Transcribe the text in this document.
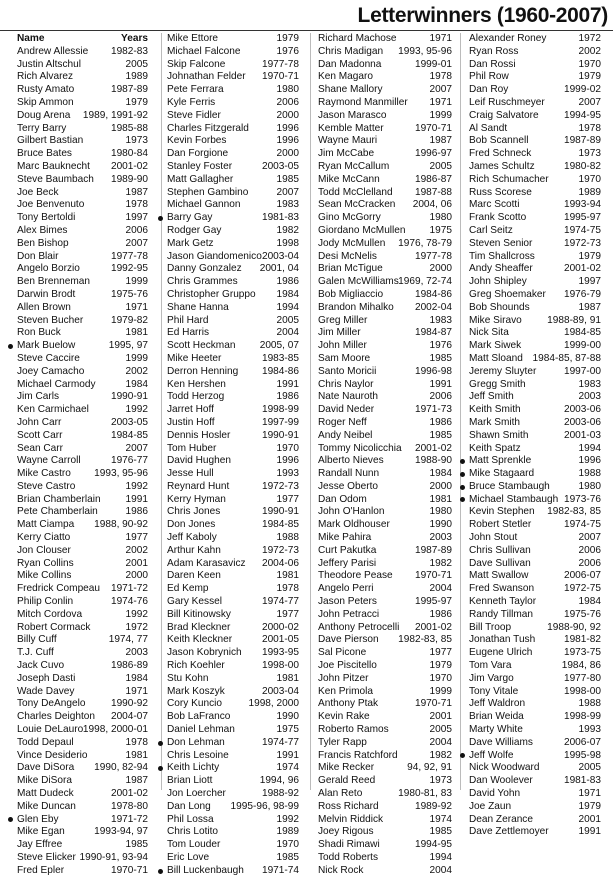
Letterwinners (1960-2007)
Name	Years
Andrew Allessie 1982-83
Justin Altschul	2005
Rich Alvarez	1989
Rusty Amato	1987-89
Skip Ammon	1979
Doug Arena 1989, 1991-92
Terry Barry	1985-88
Gilbert Bastian	1973
Bruce Bates	1980-84
Marc Bauknecht 2001-02
Steve Baumbach 1989-90
Joe Beck	1987
Joe Benvenuto	1978
Tony Bertoldi	1997
Alex Bimes	2006
Ben Bishop	2007
Don Blair	1977-78
Angelo Borzio	1992-95
Ben Brenneman	1999
Darwin Brodt	1975-76
Allen Brown	1971
Steven Bucher	1979-82
Ron Buck	1981
Mark Buelow	1995, 97
Steve Caccire	1999
Joey Camacho	2002
Michael Carmody	1984
Jim Carls	1990-91
Ken Carmichael	1992
John Carr	2003-05
Scott Carr	1984-85
Sean Carr	2007
Wayne Carroll	1976-77
Mike Castro 1993, 95-96
Steve Castro	1992
Brian Chamberlain 1991
Pete Chamberlain	1986
Matt Ciampa 1988, 90-92
Kerry Ciatto	1977
Jon Clouser	2002
Ryan Collins	2001
Mike Collins	2000
Fredrick Compeau 1971-72
Philip Conlin	1974-76
Mitch Cordova	1992
Robert Cormack	1972
Billy Cuff	1974, 77
T.J. Cuff	2003
Jack Cuvo	1986-89
Joseph Dasti	1984
Wade Davey	1971
Tony DeAngelo	1990-92
Charles Deighton 2004-07
Louie DeLauro 1998, 2000-01
Todd Depaul	1978
Vince Desiderio	1981
Dave DiSora 1990, 82-94
Mike DiSora	1987
Matt Dudeck	2001-02
Mike Duncan	1978-80
Glen Eby	1971-72
Mike Egan	1993-94, 97
Jay Effree	1985
Steve Elicker 1990-91, 93-94
Fred Epler	1970-71
Mike Ettore	1979
Michael Falcone	1976
Skip Falcone	1977-78
Johnathan Felder 1970-71
Pete Ferrara	1980
Kyle Ferris	2006
Steve Fidler	2000
Charles Fitzgerald	1996
Kevin Forbes	1996
Dan Forgione	2000
Stanley Foster	2003-05
Matt Gallagher	1985
Stephen Gambino	2007
Michael Gannon	1983
Barry Gay	1981-83
Rodger Gay	1982
Mark Getz	1998
Jason Giandomenico 2003-04
Danny Gonzalez 2001, 04
Chris Grammes	1986
Christopher Gruppo 1984
Shane Hanna	1994
Phil Hard	2005
Ed Harris	2004
Scott Heckman 2005, 07
Mike Heeter	1983-85
Derron Henning 1984-86
Ken Hershen	1991
Todd Herzog	1986
Jarret Hoff	1998-99
Justin Hoff	1997-99
Dennis Hosler	1990-91
Tom Huber	1970
David Hughen	1996
Jesse Hull	1993
Reynard Hunt	1972-73
Kerry Hyman	1977
Chris Jones	1990-91
Don Jones	1984-85
Jeff Kaboly	1988
Arthur Kahn	1972-73
Adam Karasavicz 2004-06
Daren Keen	1981
Ed Kemp	1978
Gary Kessel	1974-77
Bill Kitinowsky	1977
Brad Kleckner	2000-02
Keith Kleckner	2001-05
Jason Kobrynich 1993-95
Rich Koehler	1998-00
Stu Kohn	1981
Mark Koszyk	2003-04
Cory Kuncio	1998, 2000
Bob LaFranco	1990
Daniel Lehman	1975
Don Lehman	1974-77
Chris Lesoine	1991
Keith Lichty	1974
Brian Liott	1994, 96
Jon Loercher	1988-92
Dan Long 1995-96, 98-99
Phil Lossa	1992
Chris Lotito	1989
Tom Louder	1970
Eric Love	1985
Bill Luckenbaugh 1971-74
Richard Machose	1971
Chris Madigan 1993, 95-96
Dan Madonna	1999-01
Ken Magaro	1978
Shane Mallory	2007
Raymond Manmiller 1971
Jason Marasco	1999
Kemble Matter	1970-71
Wayne Mauri	1987
Jim McCabe	1996-97
Ryan McCallum	2005
Mike McCann	1986-87
Todd McClelland 1987-88
Sean McCracken 2004, 06
Gino McGorry	1980
Giordano McMullen 1975
Jody McMullen 1976, 78-79
Desi McNelis	1977-78
Brian McTigue	2000
Galen McWilliams 1969, 72-74
Bob Migliaccio	1984-86
Brandon Mihalko 2002-04
Greg Miller	1983
Jim Miller	1984-87
John Miller	1976
Sam Moore	1985
Santo Moricii	1996-98
Chris Naylor	1991
Nate Nauroth	2006
David Neder	1971-73
Roger Neff	1986
Andy Neibel	1985
Tommy Nicolicchia 2001-02
Alberto Nieves	1988-90
Randall Nunn	1984
Jesse Oberto	2000
Dan Odom	1981
John O'Hanlon	1980
Mark Oldhouser	1990
Mike Pahira	2003
Curt Pakutka	1987-89
Jeffery Parisi	1982
Theodore Pease 1970-71
Angelo Perri	2004
Jason Peters	1995-97
John Petracci	1986
Anthony Petrocelli 2001-02
Dave Pierson 1982-83, 85
Sal Picone	1977
Joe Piscitello	1979
John Pitzer	1970
Ken Primola	1999
Anthony Ptak	1970-71
Kevin Rake	2001
Roberto Ramos	2005
Tyler Rapp	2004
Francis Ratchford	1982
Mike Recker	94, 92, 91
Gerald Reed	1973
Alan Reto	1980-81, 83
Ross Richard	1989-92
Melvin Riddick	1974
Joey Rigous	1985
Shadi Rimawi	1994-95
Todd Roberts	1994
Nick Rock	2004
Alexander Roney	1972
Ryan Ross	2002
Dan Rossi	1970
Phil Row	1979
Dan Roy	1999-02
Leif Ruschmeyer	2007
Craig Salvatore	1994-95
Al Sandt	1978
Bob Scannell	1987-89
Fred Schneck	1973
James Schultz	1980-82
Rich Schumacher	1970
Russ Scorese	1989
Marc Scotti	1993-94
Frank Scotto	1995-97
Carl Seitz	1974-75
Steven Senior	1972-73
Tim Shallcross	1979
Andy Sheaffer	2001-02
John Shipley	1997
Greg Shoemaker 1976-79
Bob Shounds	1987
Mike Siravo	1988-89, 91
Nick Sita	1984-85
Mark Siwek	1999-00
Matt Sloand 1984-85, 87-88
Jeremy Sluyter	1997-00
Gregg Smith	1983
Jeff Smith	2003
Keith Smith	2003-06
Mark Smith	2003-06
Shawn Smith	2001-03
Keith Spatz	1994
Matt Sprenkle	1996
Mike Stagaard	1988
Bruce Stambaugh	1980
Michael Stambaugh 1973-76
Kevin Stephen 1982-83, 85
Robert Stetler	1974-75
John Stout	2007
Chris Sullivan	2006
Dave Sullivan	2006
Matt Swallow	2006-07
Fred Swanson	1972-75
Kenneth Taylor	1984
Randy Tillman	1975-76
Bill Troop	1988-90, 92
Jonathan Tush	1981-82
Eugene Ulrich	1973-75
Tom Vara	1984, 86
Jim Vargo	1977-80
Tony Vitale	1998-00
Jeff Waldron	1988
Brian Weida	1998-99
Marty White	1993
Dave Williams	2006-07
Jeff Wolfe	1995-98
Nick Woodward	2005
Dan Woolever	1981-83
David Yohn	1971
Joe Zaun	1979
Dean Zerance	2001
Dave Zettlemoyer	1991
